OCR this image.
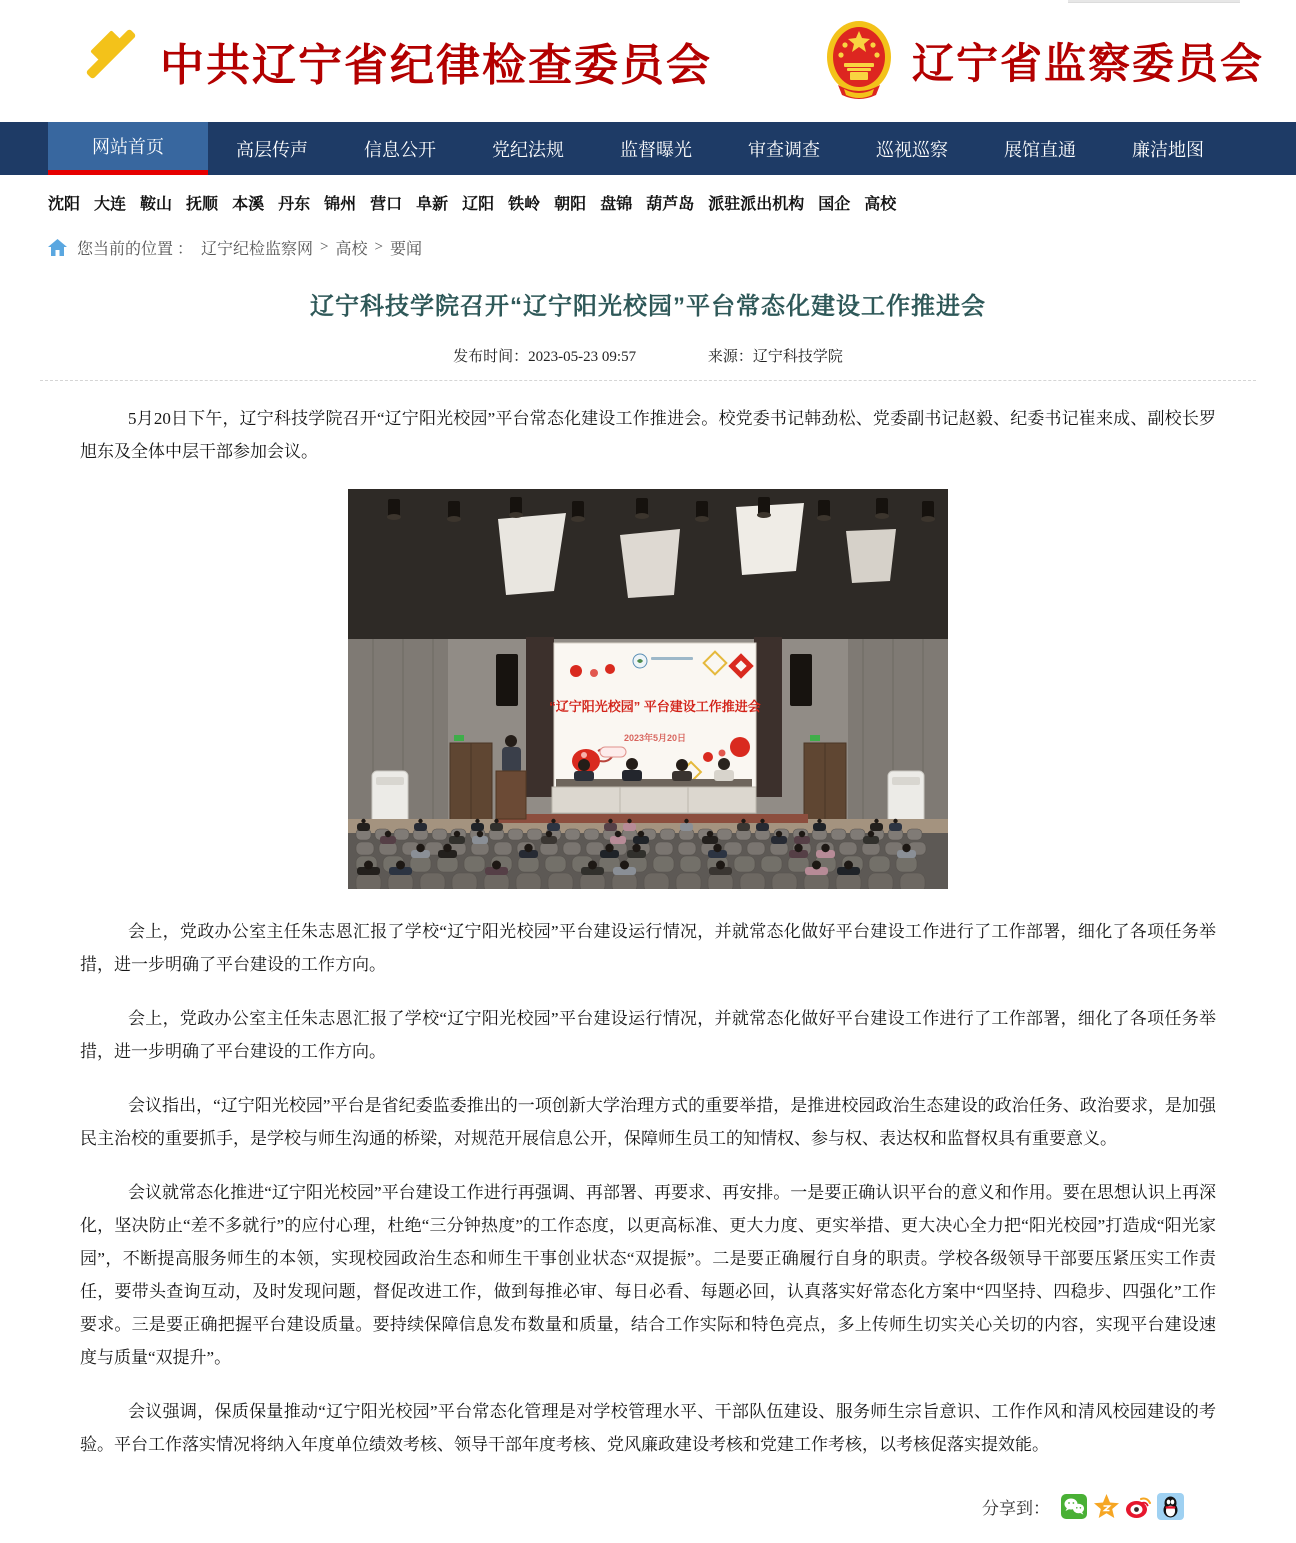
中共辽宁省纪律检查委员会	辽宁省监察委员会
网站首页	高层传声	信息公开	党纪法规	监督曝光	审查调查	巡视巡察	展馆直通	廉洁地图
沈阳 大连 鞍山 抚顺 本溪 丹东 锦州 营口 阜新 辽阳 铁岭 朝阳 盘锦 葫芦岛 派驻派出机构 国企 高校
您当前的位置 ： 辽宁纪检监察网 > 高校 > 要闻
辽宁科技学院召开“辽宁阳光校园”平台常态化建设工作推进会
发布时间：2023-05-23 09:57	来源：辽宁科技学院

5月20日下午，辽宁科技学院召开“辽宁阳光校园”平台常态化建设工作推进会。校党委书记韩劲松、党委副书记赵毅、纪委书记崔来成、副校长罗旭东及全体中层干部参加会议。

“辽宁阳光校园” 平台建设工作推进会
2023年5月20日

会上，党政办公室主任朱志恩汇报了学校“辽宁阳光校园”平台建设运行情况，并就常态化做好平台建设工作进行了工作部署，细化了各项任务举措，进一步明确了平台建设的工作方向。

会上，党政办公室主任朱志恩汇报了学校“辽宁阳光校园”平台建设运行情况，并就常态化做好平台建设工作进行了工作部署，细化了各项任务举措，进一步明确了平台建设的工作方向。

会议指出，“辽宁阳光校园”平台是省纪委监委推出的一项创新大学治理方式的重要举措，是推进校园政治生态建设的政治任务、政治要求，是加强民主治校的重要抓手，是学校与师生沟通的桥梁，对规范开展信息公开，保障师生员工的知情权、参与权、表达权和监督权具有重要意义。

会议就常态化推进“辽宁阳光校园”平台建设工作进行再强调、再部署、再要求、再安排。一是要正确认识平台的意义和作用。要在思想认识上再深化，坚决防止“差不多就行”的应付心理，杜绝“三分钟热度”的工作态度，以更高标准、更大力度、更实举措、更大决心全力把“阳光校园”打造成“阳光家园”，不断提高服务师生的本领，实现校园政治生态和师生干事创业状态“双提振”。二是要正确履行自身的职责。学校各级领导干部要压紧压实工作责任，要带头查询互动，及时发现问题，督促改进工作，做到每推必审、每日必看、每题必回，认真落实好常态化方案中“四坚持、四稳步、四强化”工作要求。三是要正确把握平台建设质量。要持续保障信息发布数量和质量，结合工作实际和特色亮点，多上传师生切实关心关切的内容，实现平台建设速度与质量“双提升”。

会议强调，保质保量推动“辽宁阳光校园”平台常态化管理是对学校管理水平、干部队伍建设、服务师生宗旨意识、工作作风和清风校园建设的考验。平台工作落实情况将纳入年度单位绩效考核、领导干部年度考核、党风廉政建设考核和党建工作考核，以考核促落实提效能。

分享到：
